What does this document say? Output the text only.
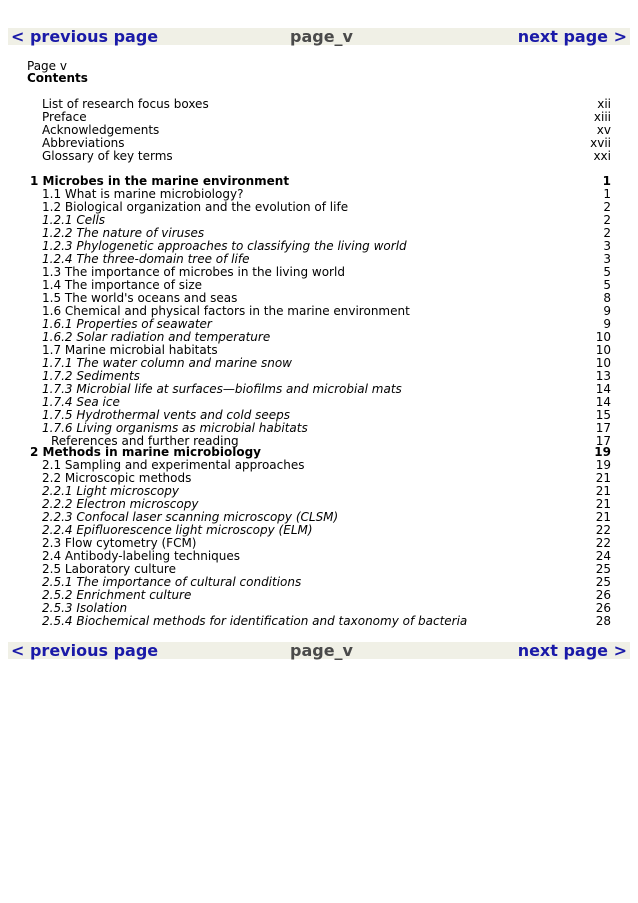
< previous page	page_v	next page >
Page v
Contents
List of research focus boxes	xii
Preface	xiii
Acknowledgements	xv
Abbreviations	xvii
Glossary of key terms	xxi
1 Microbes in the marine environment	1
1.1 What is marine microbiology?	1
1.2 Biological organization and the evolution of life	2
1.2.1 Cells	2
1.2.2 The nature of viruses	2
1.2.3 Phylogenetic approaches to classifying the living world	3
1.2.4 The three-domain tree of life	3
1.3 The importance of microbes in the living world	5
1.4 The importance of size	5
1.5 The world's oceans and seas	8
1.6 Chemical and physical factors in the marine environment	9
1.6.1 Properties of seawater	9
1.6.2 Solar radiation and temperature	10
1.7 Marine microbial habitats	10
1.7.1 The water column and marine snow	10
1.7.2 Sediments	13
1.7.3 Microbial life at surfaces—biofilms and microbial mats	14
1.7.4 Sea ice	14
1.7.5 Hydrothermal vents and cold seeps	15
1.7.6 Living organisms as microbial habitats	17
References and further reading	17
2 Methods in marine microbiology	19
2.1 Sampling and experimental approaches	19
2.2 Microscopic methods	21
2.2.1 Light microscopy	21
2.2.2 Electron microscopy	21
2.2.3 Confocal laser scanning microscopy (CLSM)	21
2.2.4 Epifluorescence light microscopy (ELM)	22
2.3 Flow cytometry (FCM)	22
2.4 Antibody-labeling techniques	24
2.5 Laboratory culture	25
2.5.1 The importance of cultural conditions	25
2.5.2 Enrichment culture	26
2.5.3 Isolation	26
2.5.4 Biochemical methods for identification and taxonomy of bacteria	28
< previous page	page_v	next page >
